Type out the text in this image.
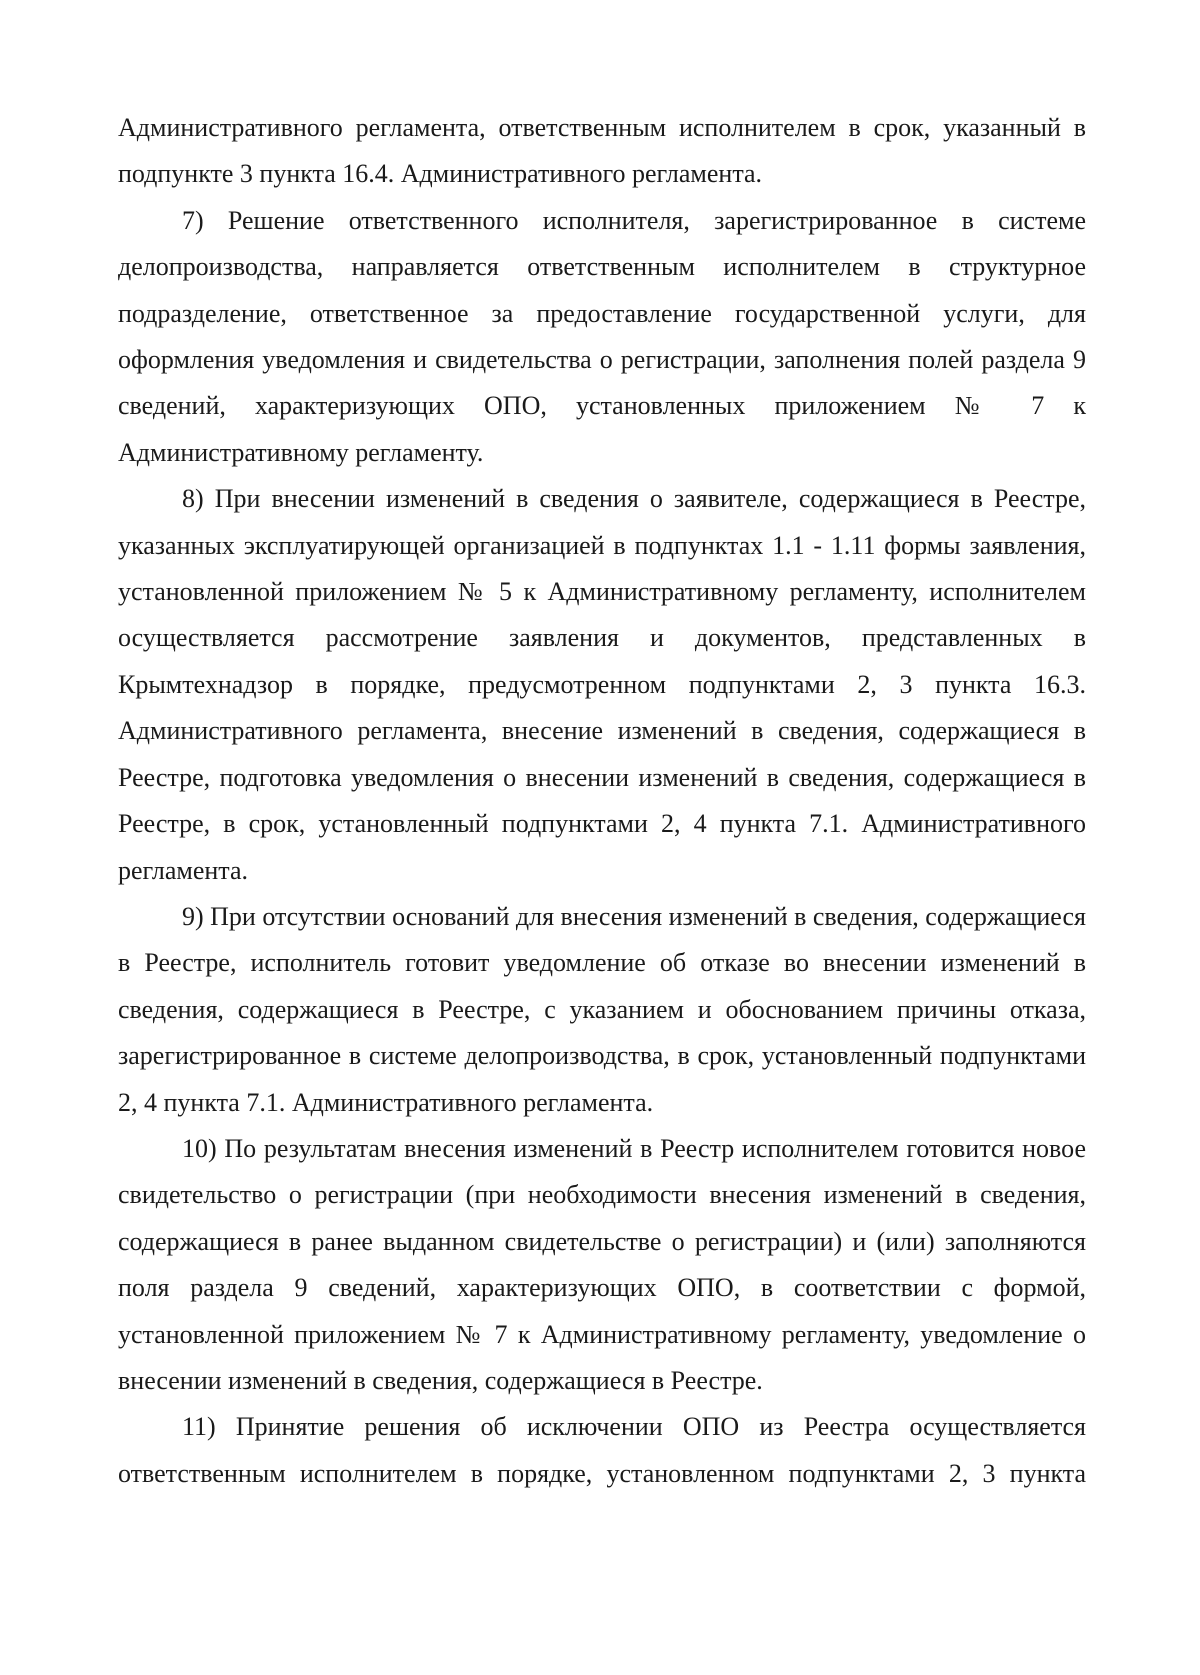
Административного регламента, ответственным исполнителем в срок, указанный в подпункте 3 пункта 16.4. Административного регламента.

7) Решение ответственного исполнителя, зарегистрированное в системе делопроизводства, направляется ответственным исполнителем в структурное подразделение, ответственное за предоставление государственной услуги, для оформления уведомления и свидетельства о регистрации, заполнения полей раздела 9 сведений, характеризующих ОПО, установленных приложением № 7 к Административному регламенту.

8) При внесении изменений в сведения о заявителе, содержащиеся в Реестре, указанных эксплуатирующей организацией в подпунктах 1.1 - 1.11 формы заявления, установленной приложением № 5 к Административному регламенту, исполнителем осуществляется рассмотрение заявления и документов, представленных в Крымтехнадзор в порядке, предусмотренном подпунктами 2, 3 пункта 16.3. Административного регламента, внесение изменений в сведения, содержащиеся в Реестре, подготовка уведомления о внесении изменений в сведения, содержащиеся в Реестре, в срок, установленный подпунктами 2, 4 пункта 7.1. Административного регламента.

9) При отсутствии оснований для внесения изменений в сведения, содержащиеся в Реестре, исполнитель готовит уведомление об отказе во внесении изменений в сведения, содержащиеся в Реестре, с указанием и обоснованием причины отказа, зарегистрированное в системе делопроизводства, в срок, установленный подпунктами 2, 4 пункта 7.1. Административного регламента.

10) По результатам внесения изменений в Реестр исполнителем готовится новое свидетельство о регистрации (при необходимости внесения изменений в сведения, содержащиеся в ранее выданном свидетельстве о регистрации) и (или) заполняются поля раздела 9 сведений, характеризующих ОПО, в соответствии с формой, установленной приложением № 7 к Административному регламенту, уведомление о внесении изменений в сведения, содержащиеся в Реестре.

11) Принятие решения об исключении ОПО из Реестра осуществляется ответственным исполнителем в порядке, установленном подпунктами 2, 3 пункта
